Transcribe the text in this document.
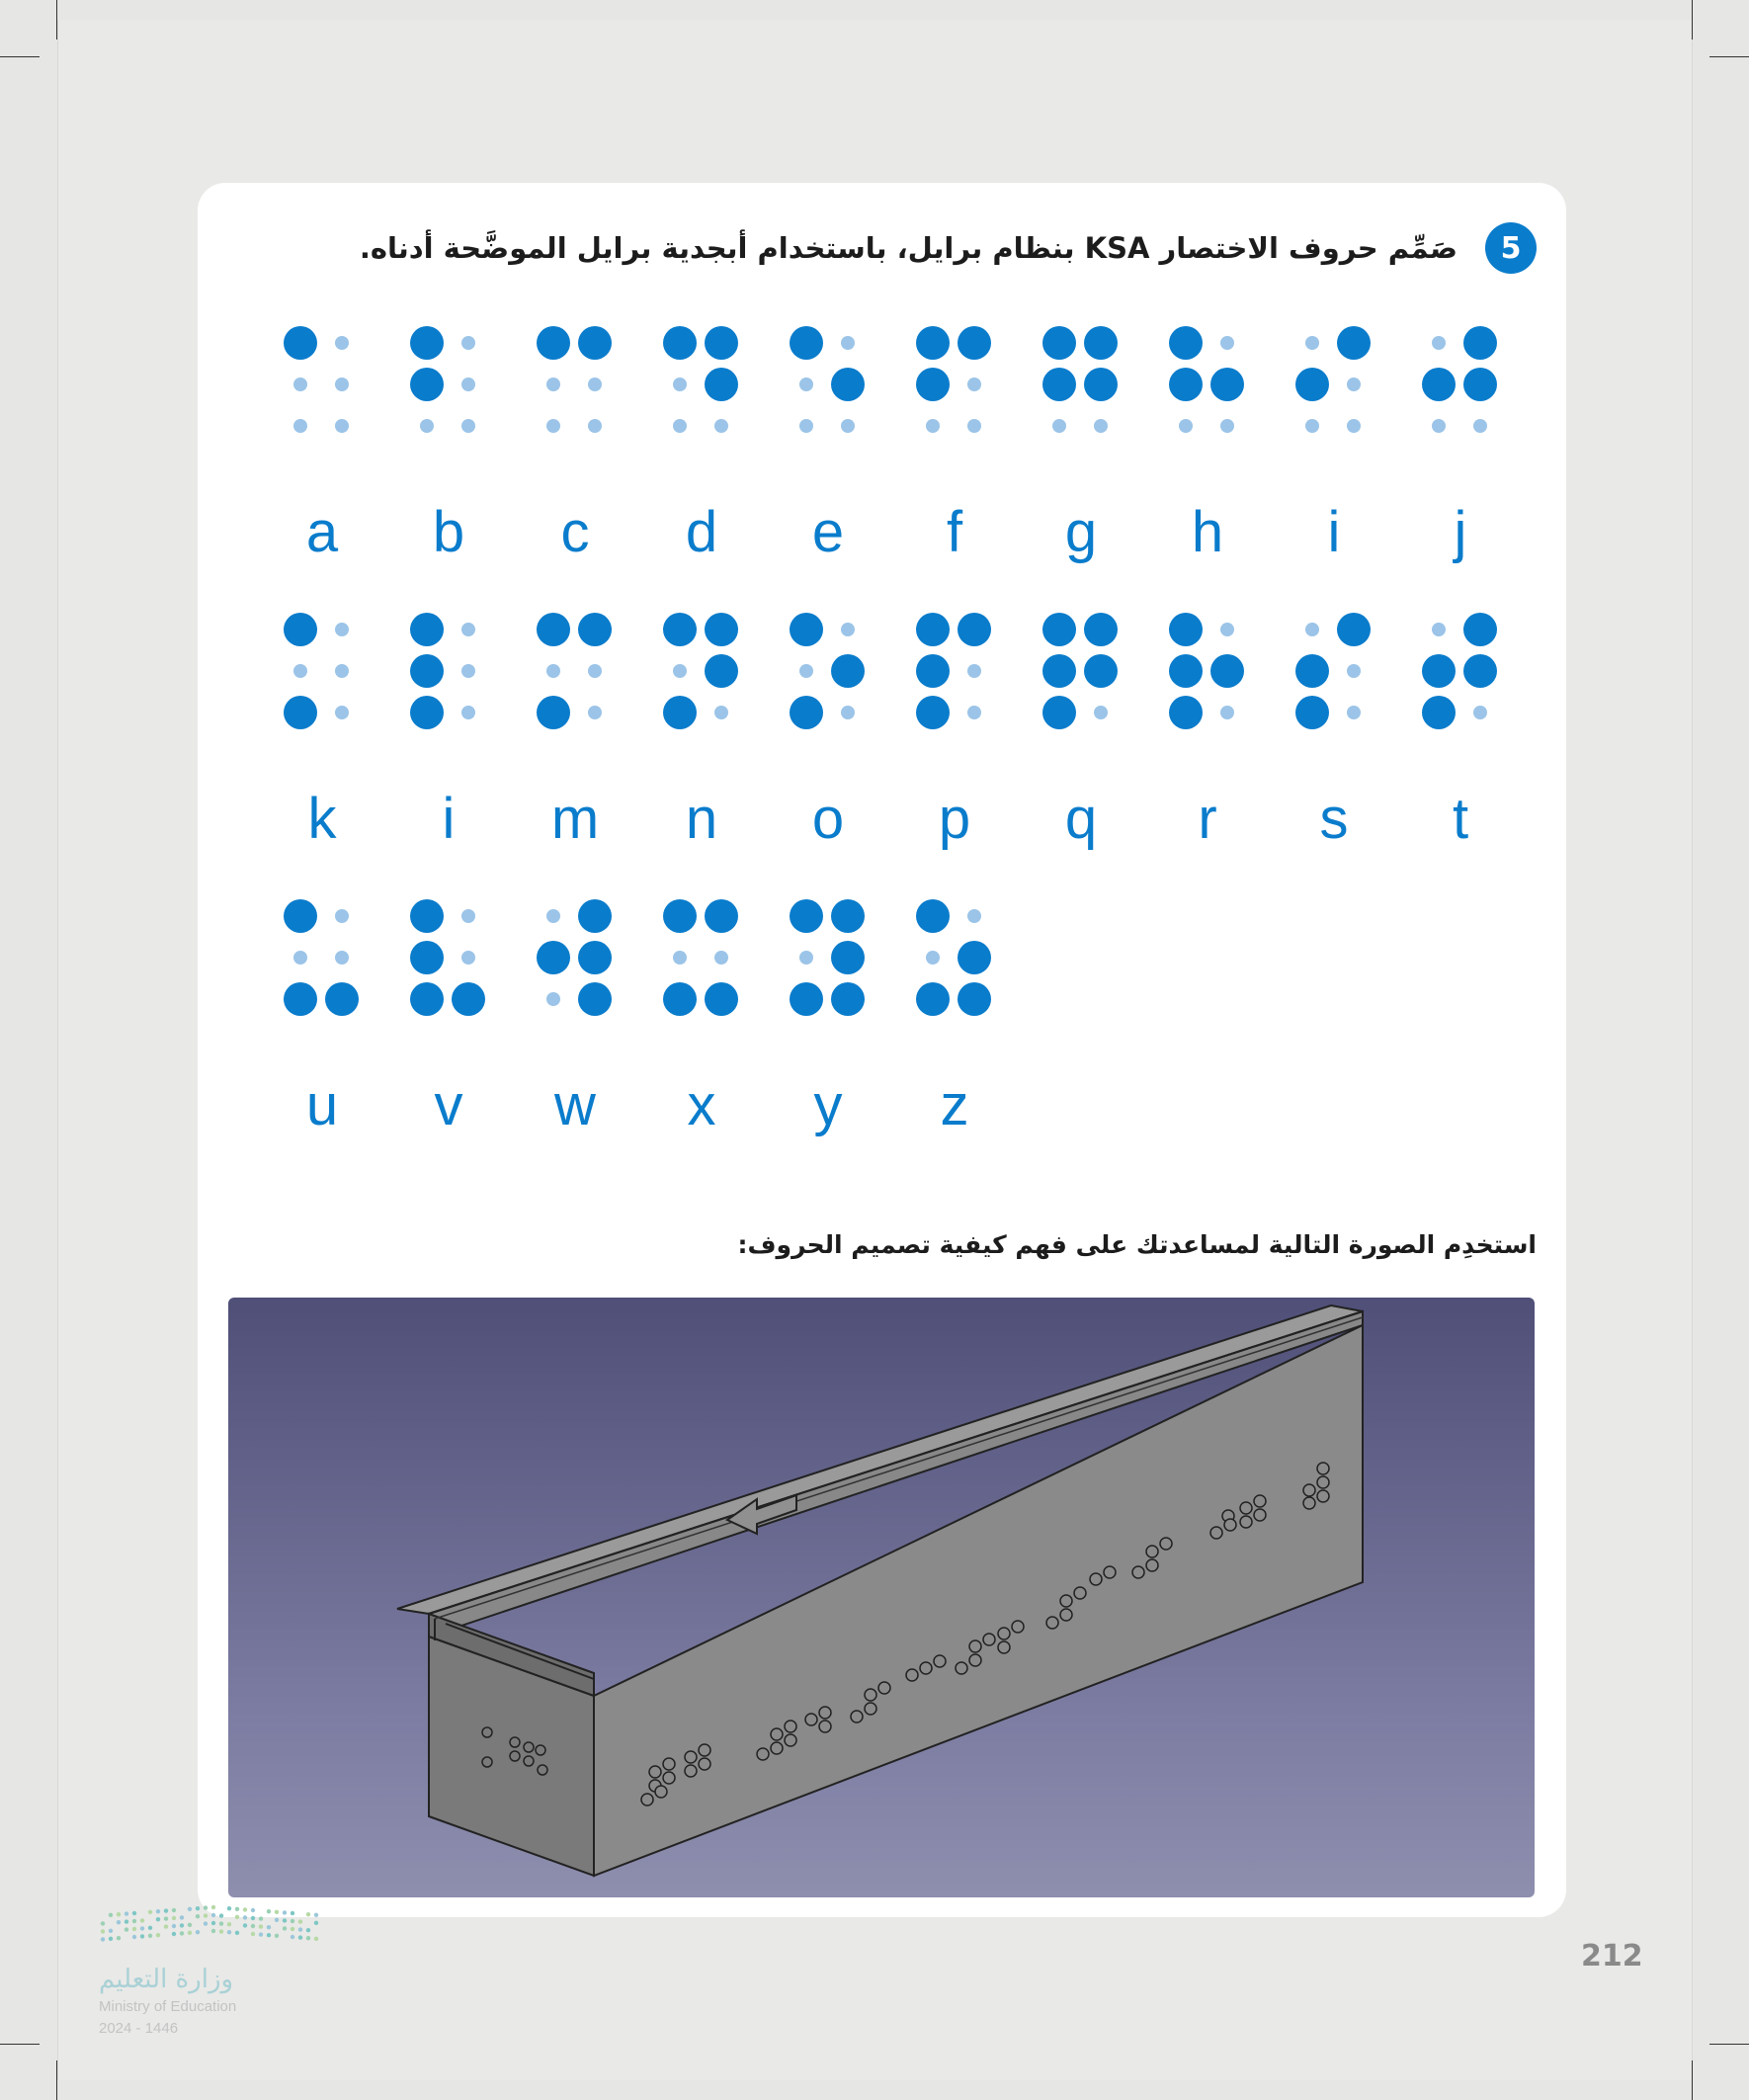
5
صَمِّم حروف الاختصار KSA بنظام برايل، باستخدام أبجدية برايل الموضَّحة أدناه.
a	b	c	d	e	f	g	h	i	j
k	i	m	n	o	p	q	r	s	t
u	v	w	x	y	z
استخدِم الصورة التالية لمساعدتك على فهم كيفية تصميم الحروف:
وزارة التعليم
Ministry of Education
2024 - 1446
212
